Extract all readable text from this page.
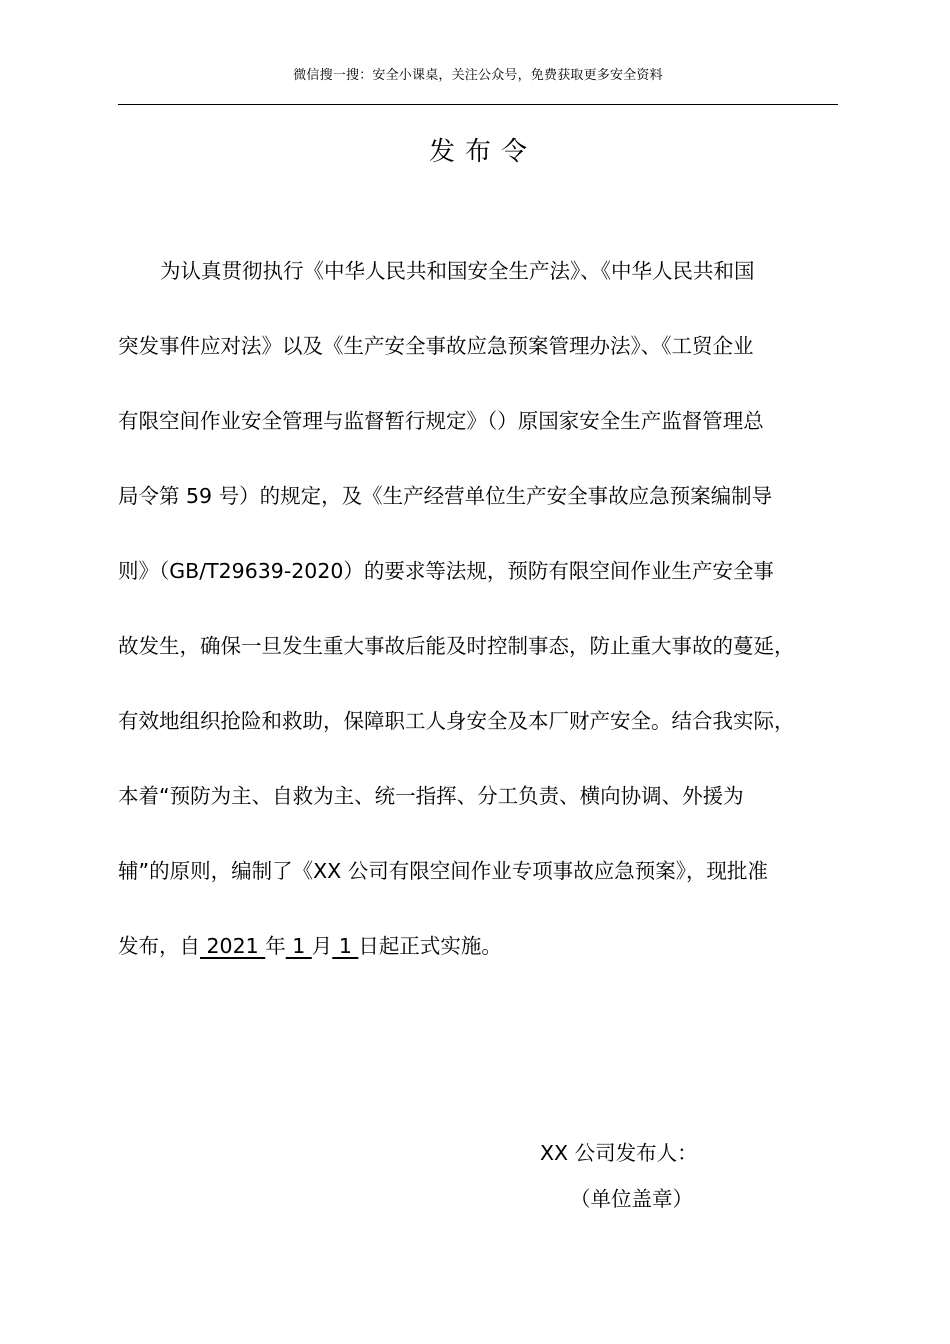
微信搜一搜：安全小课桌，关注公众号，免费获取更多安全资料
发布令
为认真贯彻执行《中华人民共和国安全生产法》、《中华人民共和国
突发事件应对法》以及《生产安全事故应急预案管理办法》、《工贸企业
有限空间作业安全管理与监督暂行规定》（）原国家安全生产监督管理总
局令第 59 号）的规定，及《生产经营单位生产安全事故应急预案编制导
则》（GB/T29639-2020）的要求等法规，预防有限空间作业生产安全事
故发生，确保一旦发生重大事故后能及时控制事态，防止重大事故的蔓延，
有效地组织抢险和救助，保障职工人身安全及本厂财产安全。结合我实际，
本着“预防为主、自救为主、统一指挥、分工负责、横向协调、外援为
辅”的原则，编制了《XX 公司有限空间作业专项事故应急预案》，现批准
发布，自 2021 年 1 月 1 日起正式实施。
XX 公司发布人：
（单位盖章）
